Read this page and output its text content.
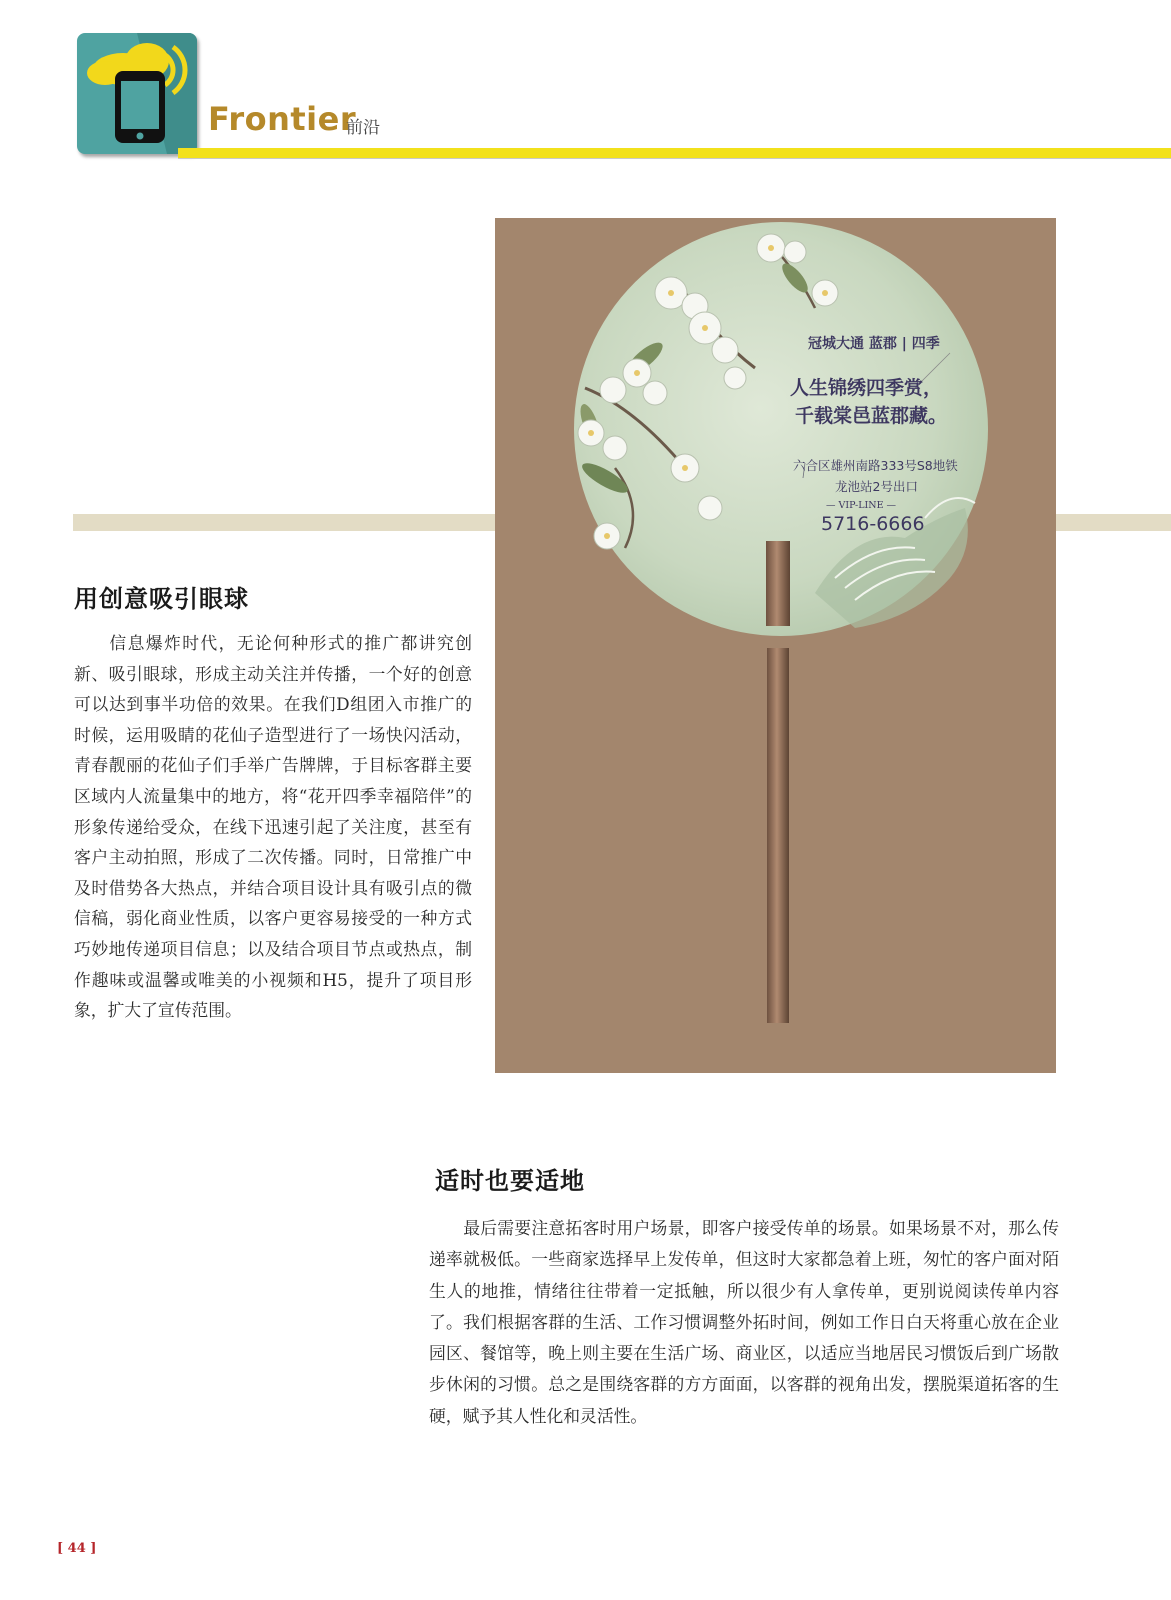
Frontier
前沿
冠城大通 蓝郡 | 四季
人生锦绣四季赏，
千载棠邑蓝郡藏。
六合区雄州南路333号S8地铁
龙池站2号出口
— VIP-LINE —
5716-6666
用创意吸引眼球

信息爆炸时代，无论何种形式的推广都讲究创新、吸引眼球，形成主动关注并传播，一个好的创意可以达到事半功倍的效果。在我们D组团入市推广的时候，运用吸睛的花仙子造型进行了一场快闪活动，青春靓丽的花仙子们手举广告牌牌，于目标客群主要区域内人流量集中的地方，将“花开四季幸福陪伴”的形象传递给受众，在线下迅速引起了关注度，甚至有客户主动拍照，形成了二次传播。同时，日常推广中及时借势各大热点，并结合项目设计具有吸引点的微信稿，弱化商业性质，以客户更容易接受的一种方式巧妙地传递项目信息；以及结合项目节点或热点，制作趣味或温馨或唯美的小视频和H5，提升了项目形象，扩大了宣传范围。

适时也要适地

最后需要注意拓客时用户场景，即客户接受传单的场景。如果场景不对，那么传递率就极低。一些商家选择早上发传单，但这时大家都急着上班，匆忙的客户面对陌生人的地推，情绪往往带着一定抵触，所以很少有人拿传单，更别说阅读传单内容了。我们根据客群的生活、工作习惯调整外拓时间，例如工作日白天将重心放在企业园区、餐馆等，晚上则主要在生活广场、商业区，以适应当地居民习惯饭后到广场散步休闲的习惯。总之是围绕客群的方方面面，以客群的视角出发，摆脱渠道拓客的生硬，赋予其人性化和灵活性。

[ 44 ]
